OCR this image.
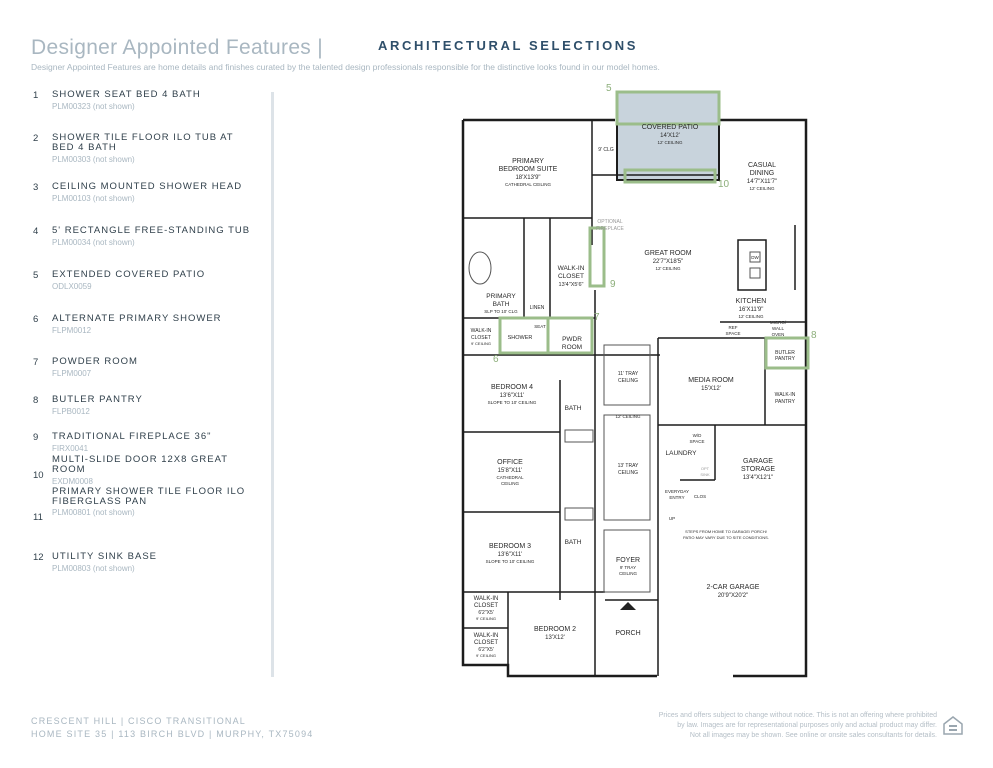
Designer Appointed Features |	ARCHITECTURAL SELECTIONS
Designer Appointed Features are home details and finishes curated by the talented design professionals responsible for the distinctive looks found in our model homes.
1 SHOWER SEAT BED 4 BATH
PLM00323 (not shown)
2 SHOWER TILE FLOOR ILO TUB AT BED 4 BATH
PLM00303 (not shown)
3 CEILING MOUNTED SHOWER HEAD
PLM00103 (not shown)
4 5' RECTANGLE FREE-STANDING TUB
PLM00034 (not shown)
5 EXTENDED COVERED PATIO
ODLX0059
6 ALTERNATE PRIMARY SHOWER
FLPM0012
7 POWDER ROOM
FLPM0007
8 BUTLER PANTRY
FLPB0012
9 TRADITIONAL FIREPLACE 36"
FIRX0041
10
MULTI-SLIDE DOOR 12X8 GREAT ROOM
EXDM0008
11
PRIMARY SHOWER TILE FLOOR ILO FIBERGLASS PAN
PLM00801 (not shown)
12 UTILITY SINK BASE
PLM00803 (not shown)
5
6
7
8
9
10
COVERED PATIO
14'X12'
12' CEILING
PRIMARY
BEDROOM SUITE
18'X13'9"
CATHEDRAL CEILING
CASUAL
DINING
14'7"X11'7"
12' CEILING
9' CLG
OPTIONAL
FIREPLACE
GREAT ROOM
22'7"X18'5"
12' CEILING
WALK-IN
CLOSET
13'4"X5'6"
PRIMARY
BATH
SLP TO 10' CLG
LINEN
KITCHEN
16'X11'9"
12' CEILING
DW
REF
SPACE
MICRO/
WALL
OVEN
WALK-IN
CLOSET
9' CEILING
SHOWER
SEAT
PWDR
ROOM
BUTLER
PANTRY
BEDROOM 4
13'6"X11'
SLOPE TO 10' CEILING
11' TRAY
CEILING	MEDIA ROOM
15'X12'
WALK-IN
PANTRY
BATH
12' CEILING
W/D
SPACE
LAUNDRY
OPT
SINK
OFFICE
15'8"X11'
CATHEDRAL
CEILING
13' TRAY
CEILING
GARAGE
STORAGE
13'4"X12'1"
EVERYDAY
ENTRY CLOS
UP
STEPS FROM HOME TO GARAGE/ PORCH/
PATIO MAY VARY DUE TO SITE CONDITIONS.
BEDROOM 3
13'6"X11'
SLOPE TO 10' CEILING
BATH
FOYER
9' TRAY
CEILING
2-CAR GARAGE
20'9"X20'2"
WALK-IN
CLOSET
6'2"X5'
9' CEILING
WALK-IN
CLOSET
6'2"X5'
9' CEILING
BEDROOM 2
13'X12'
PORCH
CRESCENT HILL | CISCO TRANSITIONAL
HOME SITE 35 | 113 BIRCH BLVD | MURPHY, TX75094
Prices and offers subject to change without notice. This is not an offering where prohibited
by law. Images are for representational purposes only and actual product may differ.
Not all images may be shown. See online or onsite sales consultants for details.
